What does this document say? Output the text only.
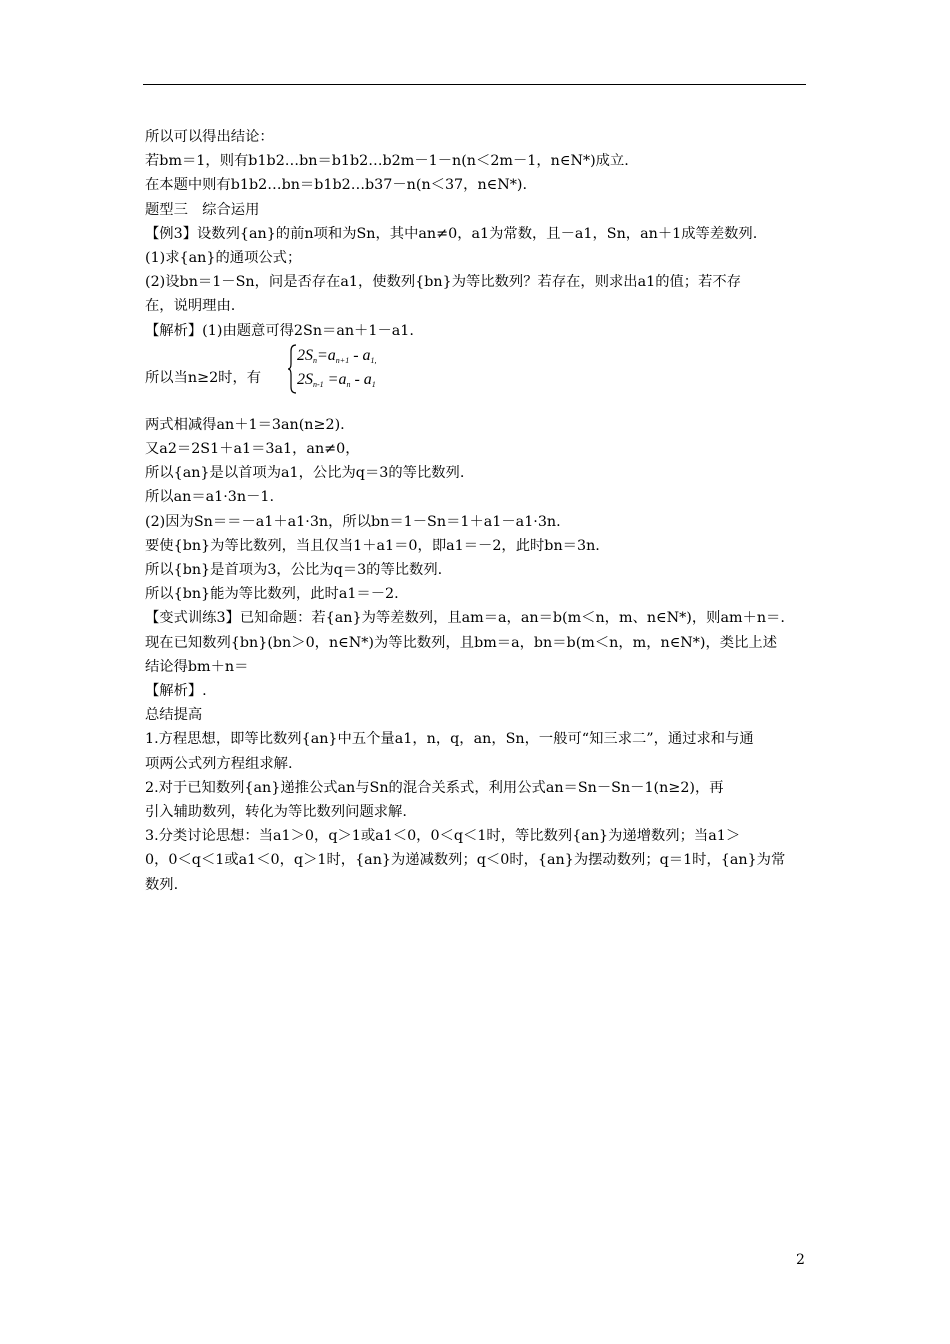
所以可以得出结论：
若bm＝1，则有b1b2…bn＝b1b2…b2m－1－n(n＜2m－1，n∈N*)成立.
在本题中则有b1b2…bn＝b1b2…b37－n(n＜37，n∈N*).
题型三　综合运用
【例3】设数列{an}的前n项和为Sn，其中an≠0，a1为常数，且－a1，Sn，an＋1成等差数列.
(1)求{an}的通项公式；
(2)设bn＝1－Sn，问是否存在a1，使数列{bn}为等比数列？若存在，则求出a1的值；若不存
在，说明理由.
【解析】(1)由题意可得2Sn＝an＋1－a1.
所以当n≥2时，有
$2S_n=a_{n+1} - a_{1,}$
$2S_{n-1} =a_n - a_1$
两式相减得an＋1＝3an(n≥2).
又a2＝2S1＋a1＝3a1，an≠0，
所以{an}是以首项为a1，公比为q＝3的等比数列.
所以an＝a1·3n－1.
(2)因为Sn＝＝－a1＋a1·3n，所以bn＝1－Sn＝1＋a1－a1·3n.
要使{bn}为等比数列，当且仅当1＋a1＝0，即a1＝－2，此时bn＝3n.
所以{bn}是首项为3，公比为q＝3的等比数列.
所以{bn}能为等比数列，此时a1＝－2.
【变式训练3】已知命题：若{an}为等差数列，且am＝a，an＝b(m＜n，m、n∈N*)，则am＋n＝.
现在已知数列{bn}(bn＞0，n∈N*)为等比数列，且bm＝a，bn＝b(m＜n，m，n∈N*)，类比上述
结论得bm＋n＝
【解析】.
总结提高
1.方程思想，即等比数列{an}中五个量a1，n，q，an，Sn，一般可“知三求二”，通过求和与通
项两公式列方程组求解.
2.对于已知数列{an}递推公式an与Sn的混合关系式，利用公式an＝Sn－Sn－1(n≥2)，再
引入辅助数列，转化为等比数列问题求解.
3.分类讨论思想：当a1＞0，q＞1或a1＜0，0＜q＜1时，等比数列{an}为递增数列；当a1＞
0，0＜q＜1或a1＜0，q＞1时，{an}为递减数列；q＜0时，{an}为摆动数列；q＝1时，{an}为常
数列.
2
